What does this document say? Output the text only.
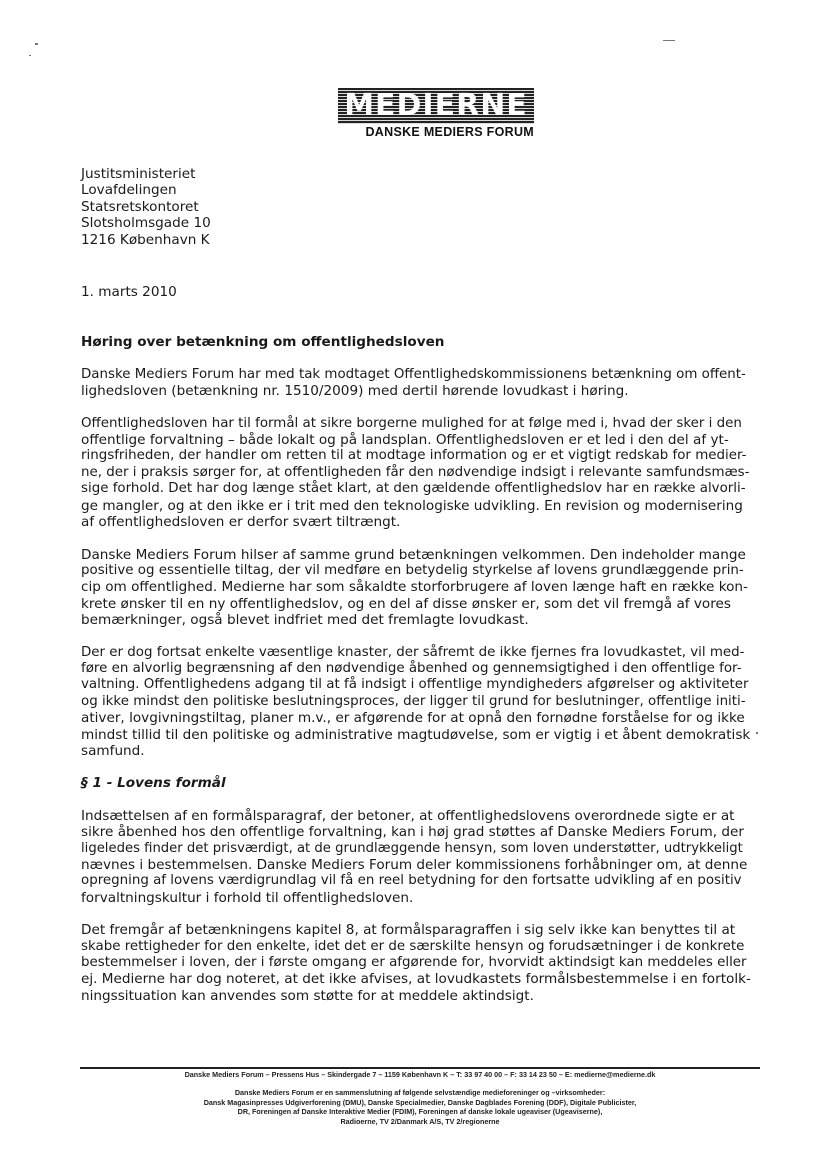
MEDIERNE
DANSKE MEDIERS FORUM
Justitsministeriet
Lovafdelingen
Statsretskontoret
Slotsholmsgade 10
1216 København K
1. marts 2010
Høring over betænkning om offentlighedsloven
Danske Mediers Forum har med tak modtaget Offentlighedskommissionens betænkning om offent-
lighedsloven (betænkning nr. 1510/2009) med dertil hørende lovudkast i høring.
Offentlighedsloven har til formål at sikre borgerne mulighed for at følge med i, hvad der sker i den
offentlige forvaltning – både lokalt og på landsplan. Offentlighedsloven er et led i den del af yt-
ringsfriheden, der handler om retten til at modtage information og er et vigtigt redskab for medier-
ne, der i praksis sørger for, at offentligheden får den nødvendige indsigt i relevante samfundsmæs-
sige forhold. Det har dog længe stået klart, at den gældende offentlighedslov har en række alvorli-
ge mangler, og at den ikke er i trit med den teknologiske udvikling. En revision og modernisering
af offentlighedsloven er derfor svært tiltrængt.
Danske Mediers Forum hilser af samme grund betænkningen velkommen. Den indeholder mange
positive og essentielle tiltag, der vil medføre en betydelig styrkelse af lovens grundlæggende prin-
cip om offentlighed. Medierne har som såkaldte storforbrugere af loven længe haft en række kon-
krete ønsker til en ny offentlighedslov, og en del af disse ønsker er, som det vil fremgå af vores
bemærkninger, også blevet indfriet med det fremlagte lovudkast.
Der er dog fortsat enkelte væsentlige knaster, der såfremt de ikke fjernes fra lovudkastet, vil med-
føre en alvorlig begrænsning af den nødvendige åbenhed og gennemsigtighed i den offentlige for-
valtning. Offentlighedens adgang til at få indsigt i offentlige myndigheders afgørelser og aktiviteter
og ikke mindst den politiske beslutningsproces, der ligger til grund for beslutninger, offentlige initi-
ativer, lovgivningstiltag, planer m.v., er afgørende for at opnå den fornødne forståelse for og ikke
mindst tillid til den politiske og administrative magtudøvelse, som er vigtig i et åbent demokratisk
samfund.
§ 1 - Lovens formål
Indsættelsen af en formålsparagraf, der betoner, at offentlighedslovens overordnede sigte er at
sikre åbenhed hos den offentlige forvaltning, kan i høj grad støttes af Danske Mediers Forum, der
ligeledes finder det prisværdigt, at de grundlæggende hensyn, som loven understøtter, udtrykkeligt
nævnes i bestemmelsen. Danske Mediers Forum deler kommissionens forhåbninger om, at denne
opregning af lovens værdigrundlag vil få en reel betydning for den fortsatte udvikling af en positiv
forvaltningskultur i forhold til offentlighedsloven.
Det fremgår af betænkningens kapitel 8, at formålsparagraffen i sig selv ikke kan benyttes til at
skabe rettigheder for den enkelte, idet det er de særskilte hensyn og forudsætninger i de konkrete
bestemmelser i loven, der i første omgang er afgørende for, hvorvidt aktindsigt kan meddeles eller
ej. Medierne har dog noteret, at det ikke afvises, at lovudkastets formålsbestemmelse i en fortolk-
ningssituation kan anvendes som støtte for at meddele aktindsigt.
Danske Mediers Forum – Pressens Hus – Skindergade 7 – 1159 København K – T: 33 97 40 00 – F: 33 14 23 50 – E: medierne@medierne.dk
Danske Mediers Forum er en sammenslutning af følgende selvstændige medieforeninger og –virksomheder:
Dansk Magasinpresses Udgiverforening (DMU), Danske Specialmedier, Danske Dagblades Forening (DDF), Digitale Publicister,
DR, Foreningen af Danske Interaktive Medier (FDIM), Foreningen af danske lokale ugeaviser (Ugeaviserne),
Radioerne, TV 2/Danmark A/S, TV 2/regionerne
